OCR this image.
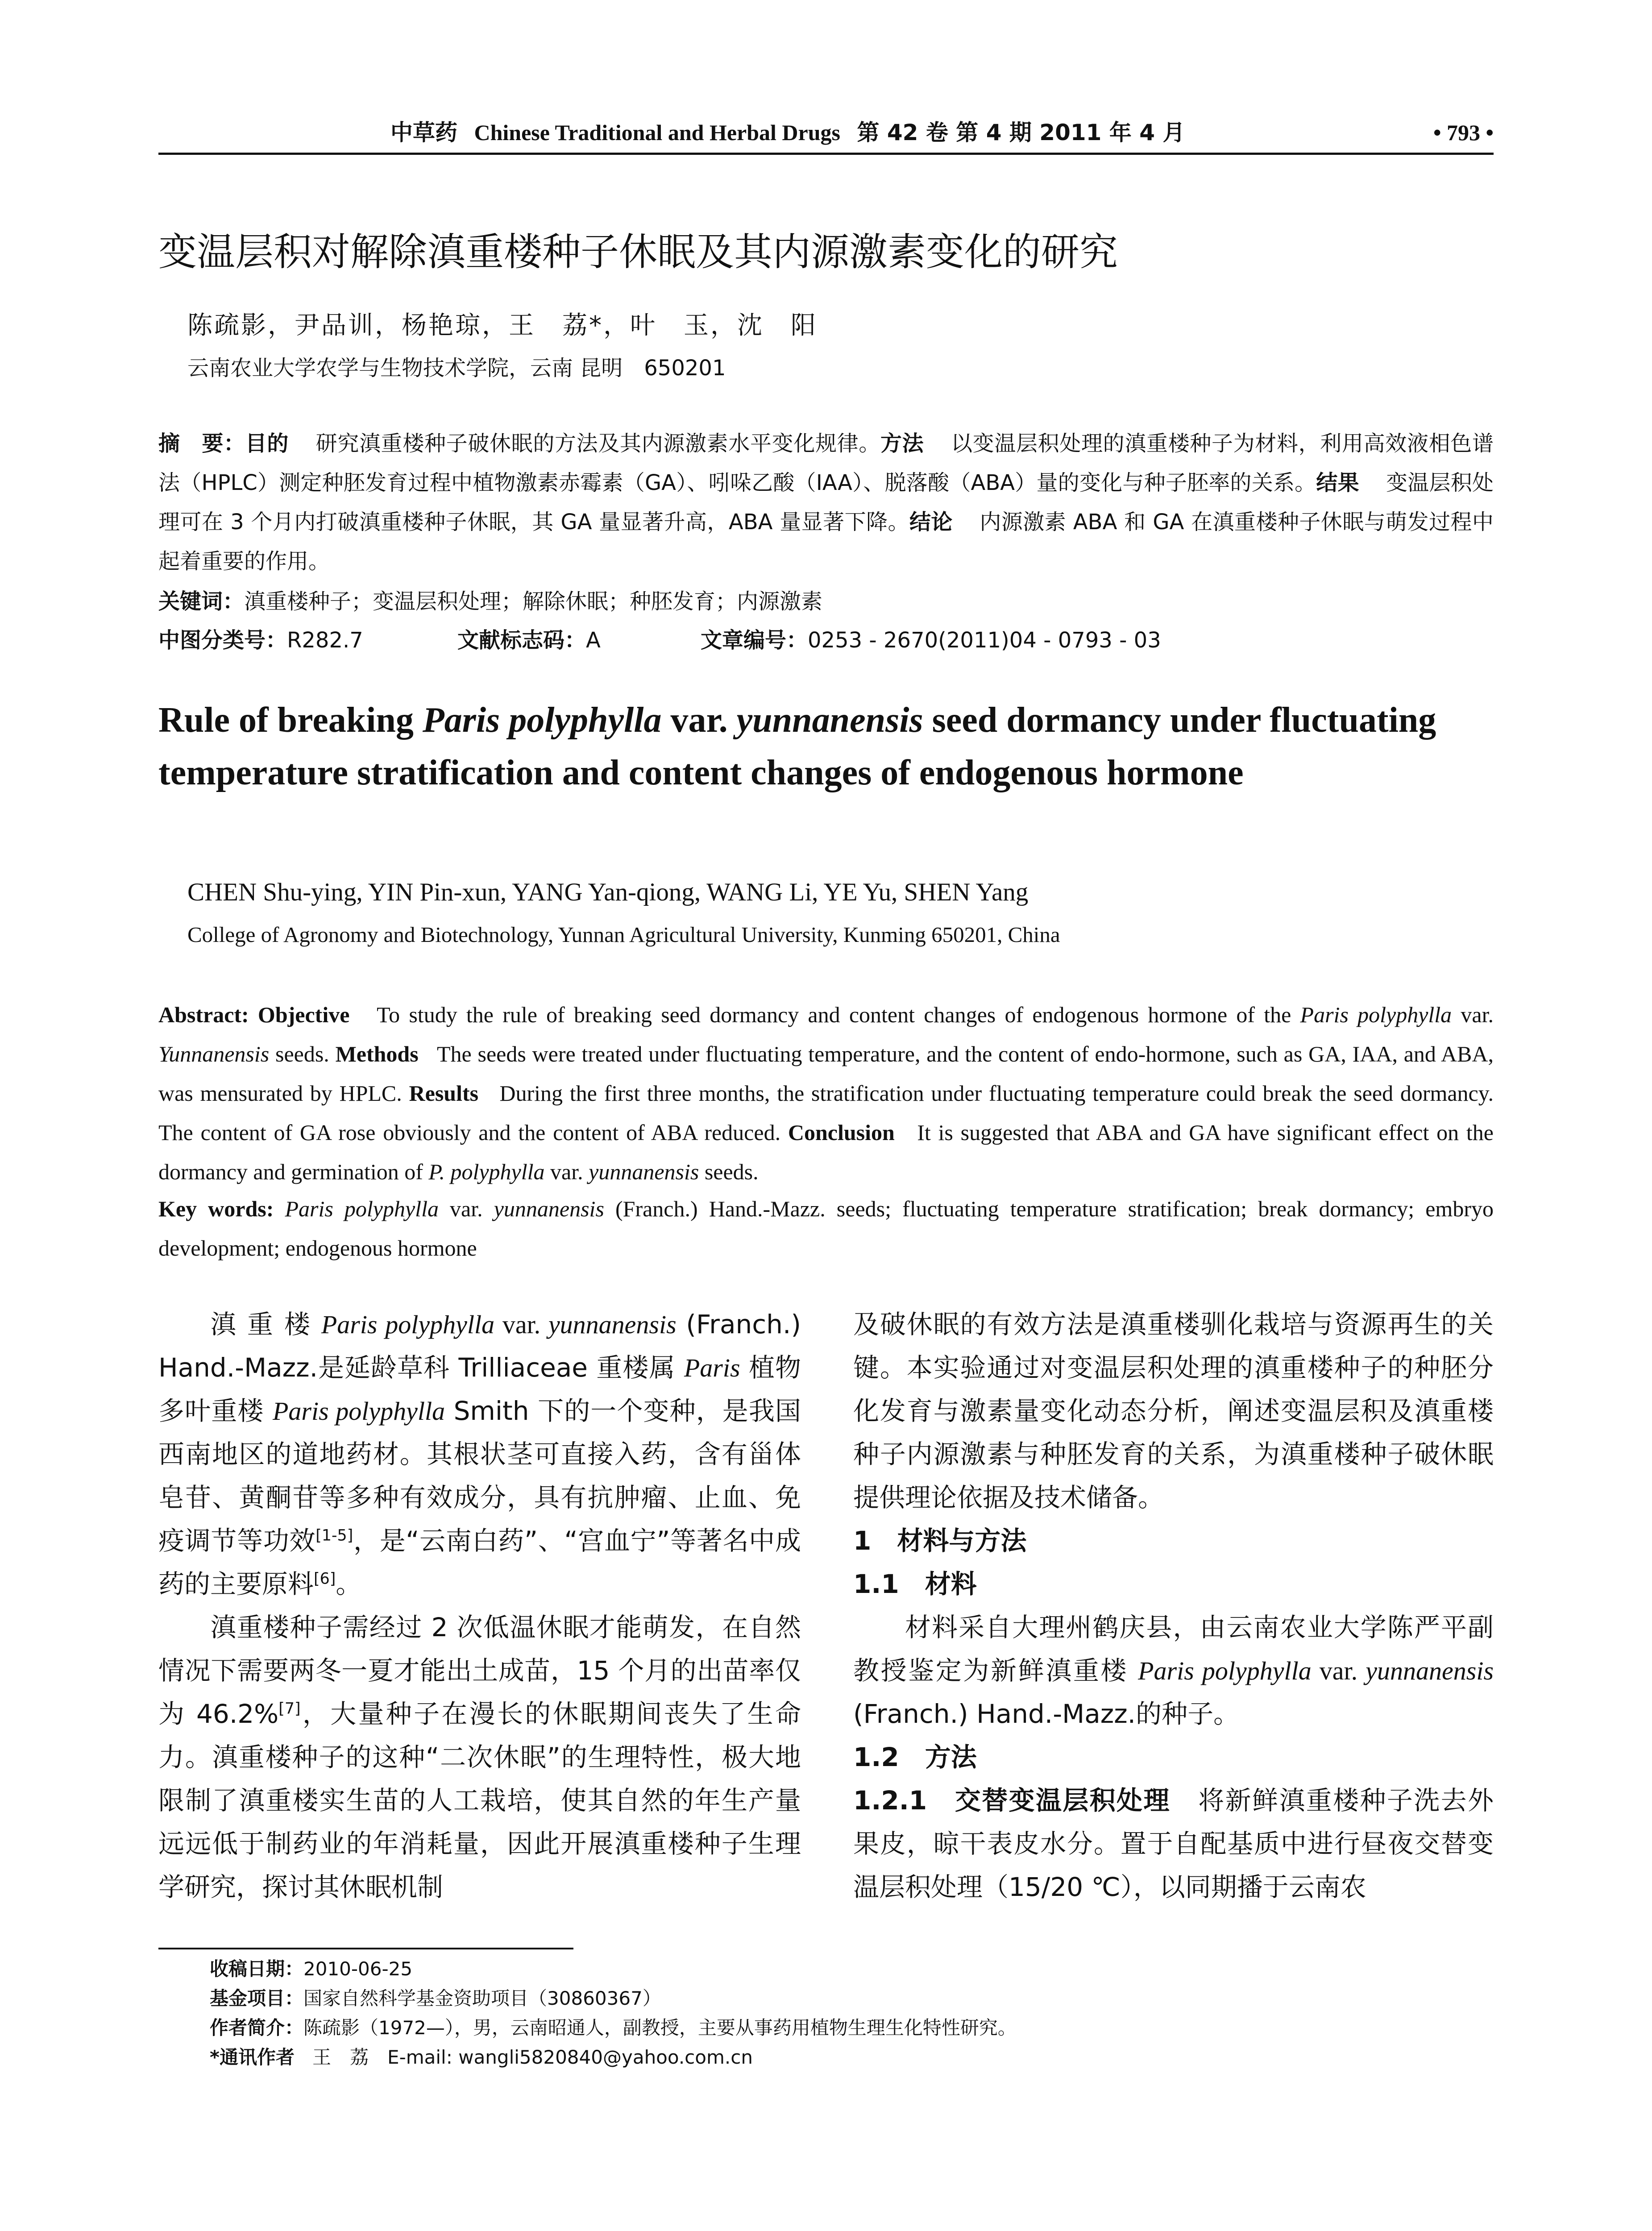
中草药 Chinese Traditional and Herbal Drugs 第 42 卷 第 4 期 2011 年 4 月	• 793 •
变温层积对解除滇重楼种子休眠及其内源激素变化的研究
陈疏影，尹品训，杨艳琼，王　荔*，叶　玉，沈　阳
云南农业大学农学与生物技术学院，云南 昆明　650201
摘　要：目的 研究滇重楼种子破休眠的方法及其内源激素水平变化规律。方法 以变温层积处理的滇重楼种子为材料，利用高效液相色谱法（HPLC）测定种胚发育过程中植物激素赤霉素（GA）、吲哚乙酸（IAA）、脱落酸（ABA）量的变化与种子胚率的关系。结果 变温层积处理可在 3 个月内打破滇重楼种子休眠，其 GA 量显著升高，ABA 量显著下降。结论 内源激素 ABA 和 GA 在滇重楼种子休眠与萌发过程中起着重要的作用。
关键词：滇重楼种子；变温层积处理；解除休眠；种胚发育；内源激素
中图分类号：R282.7	文献标志码：A	文章编号：0253 - 2670(2011)04 - 0793 - 03
Rule of breaking Paris polyphylla var. yunnanensis seed dormancy under fluctuating temperature stratification and content changes of endogenous hormone
CHEN Shu-ying, YIN Pin-xun, YANG Yan-qiong, WANG Li, YE Yu, SHEN Yang
College of Agronomy and Biotechnology, Yunnan Agricultural University, Kunming 650201, China
Abstract: Objective To study the rule of breaking seed dormancy and content changes of endogenous hormone of the Paris polyphylla var. Yunnanensis seeds. Methods The seeds were treated under fluctuating temperature, and the content of endo-hormone, such as GA, IAA, and ABA, was mensurated by HPLC. Results During the first three months, the stratification under fluctuating temperature could break the seed dormancy. The content of GA rose obviously and the content of ABA reduced. Conclusion It is suggested that ABA and GA have significant effect on the dormancy and germination of P. polyphylla var. yunnanensis seeds.
Key words: Paris polyphylla var. yunnanensis (Franch.) Hand.-Mazz. seeds; fluctuating temperature stratification; break dormancy; embryo development; endogenous hormone
滇 重 楼 Paris polyphylla var. yunnanensis (Franch.) Hand.-Mazz.是延龄草科 Trilliaceae 重楼属 Paris 植物多叶重楼 Paris polyphylla Smith 下的一个变种，是我国西南地区的道地药材。其根状茎可直接入药，含有甾体皂苷、黄酮苷等多种有效成分，具有抗肿瘤、止血、免疫调节等功效[1-5]，是“云南白药”、“宫血宁”等著名中成药的主要原料[6]。
滇重楼种子需经过 2 次低温休眠才能萌发，在自然情况下需要两冬一夏才能出土成苗，15 个月的出苗率仅为 46.2%[7]，大量种子在漫长的休眠期间丧失了生命力。滇重楼种子的这种“二次休眠”的生理特性，极大地限制了滇重楼实生苗的人工栽培，使其自然的年生产量远远低于制药业的年消耗量，因此开展滇重楼种子生理学研究，探讨其休眠机制
及破休眠的有效方法是滇重楼驯化栽培与资源再生的关键。本实验通过对变温层积处理的滇重楼种子的种胚分化发育与激素量变化动态分析，阐述变温层积及滇重楼种子内源激素与种胚发育的关系，为滇重楼种子破休眠提供理论依据及技术储备。
1　材料与方法
1.1　材料
材料采自大理州鹤庆县，由云南农业大学陈严平副教授鉴定为新鲜滇重楼 Paris polyphylla var. yunnanensis (Franch.) Hand.-Mazz.的种子。
1.2　方法
1.2.1　交替变温层积处理 将新鲜滇重楼种子洗去外果皮，晾干表皮水分。置于自配基质中进行昼夜交替变温层积处理（15/20 ℃），以同期播于云南农
收稿日期：2010-06-25
基金项目：国家自然科学基金资助项目（30860367）
作者简介：陈疏影（1972—），男，云南昭通人，副教授，主要从事药用植物生理生化特性研究。
*通讯作者 王　荔　E-mail: wangli5820840@yahoo.com.cn
